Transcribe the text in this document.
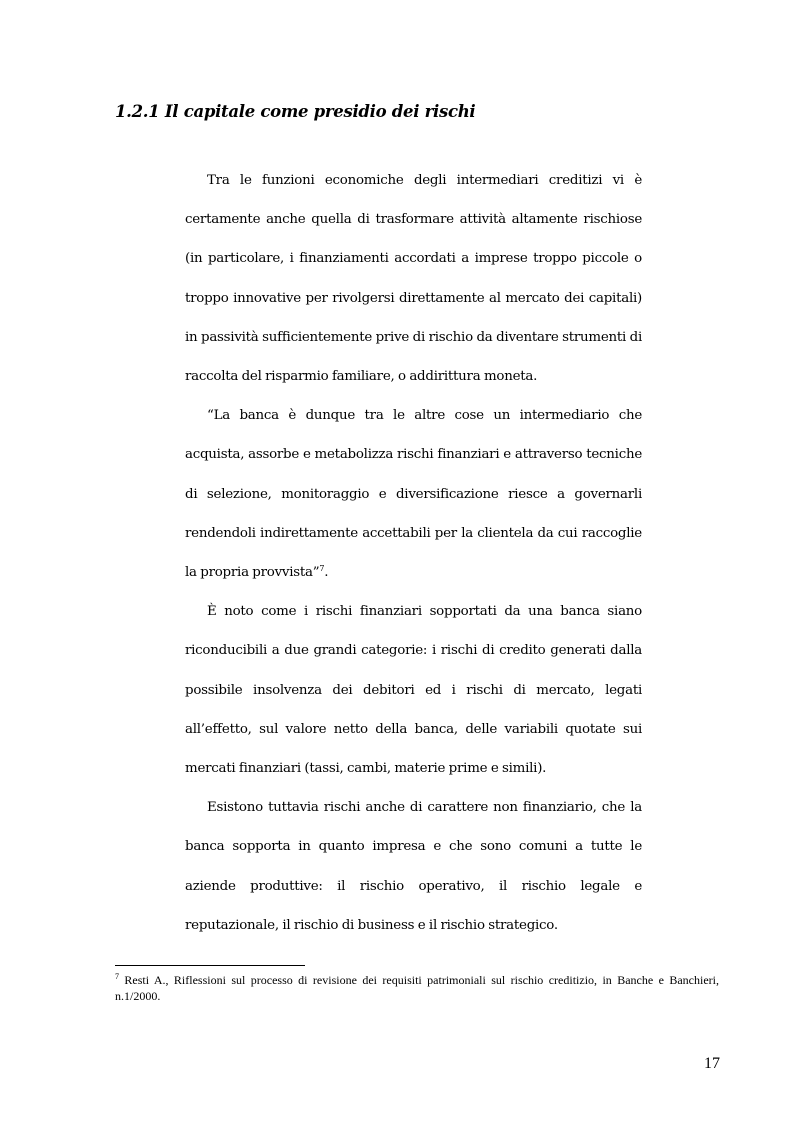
1.2.1 Il capitale come presidio dei rischi

Tra le funzioni economiche degli intermediari creditizi vi è certamente anche quella di trasformare attività altamente rischiose (in particolare, i finanziamenti accordati a imprese troppo piccole o troppo innovative per rivolgersi direttamente al mercato dei capitali) in passività sufficientemente prive di rischio da diventare strumenti di raccolta del risparmio familiare, o addirittura moneta.

“La banca è dunque tra le altre cose un intermediario che acquista, assorbe e metabolizza rischi finanziari e attraverso tecniche di selezione, monitoraggio e diversificazione riesce a governarli rendendoli indirettamente accettabili per la clientela da cui raccoglie la propria provvista”$^7$.

È noto come i rischi finanziari sopportati da una banca siano riconducibili a due grandi categorie: i rischi di credito generati dalla possibile insolvenza dei debitori ed i rischi di mercato, legati all’effetto, sul valore netto della banca, delle variabili quotate sui mercati finanziari (tassi, cambi, materie prime e simili).

Esistono tuttavia rischi anche di carattere non finanziario, che la banca sopporta in quanto impresa e che sono comuni a tutte le aziende produttive: il rischio operativo, il rischio legale e reputazionale, il rischio di business e il rischio strategico.

$^7$ Resti A., Riflessioni sul processo di revisione dei requisiti patrimoniali sul rischio creditizio, in Banche e Banchieri, n.1/2000.

17
